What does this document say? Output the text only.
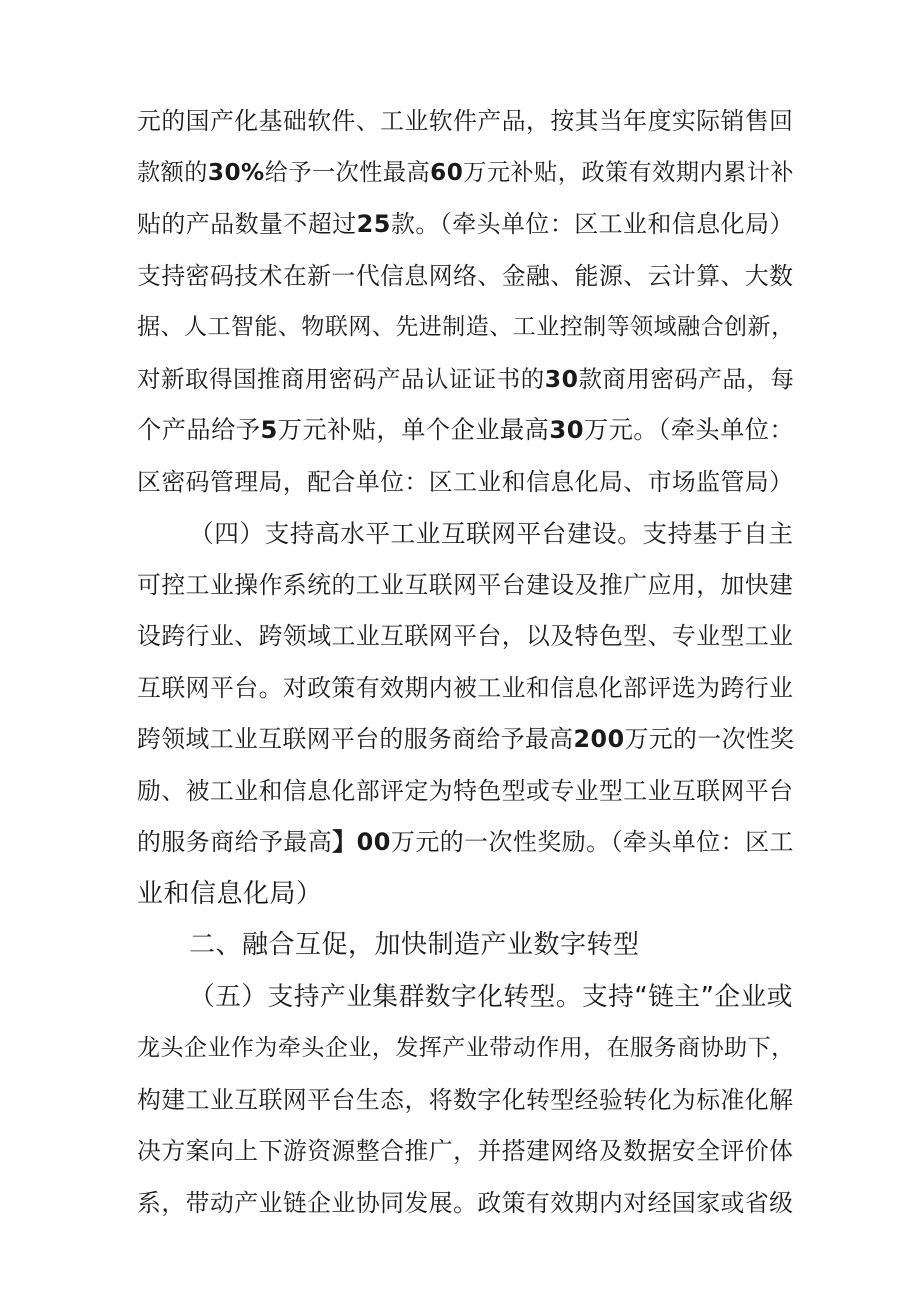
元的国产化基础软件、工业软件产品，按其当年度实际销售回
款额的30%给予一次性最高60万元补贴，政策有效期内累计补
贴的产品数量不超过25款。（牵头单位：区工业和信息化局）
支持密码技术在新一代信息网络、金融、能源、云计算、大数
据、人工智能、物联网、先进制造、工业控制等领域融合创新，
对新取得国推商用密码产品认证证书的30款商用密码产品，每
个产品给予5万元补贴，单个企业最高30万元。（牵头单位：
区密码管理局，配合单位：区工业和信息化局、市场监管局）
（四）支持高水平工业互联网平台建设。支持基于自主
可控工业操作系统的工业互联网平台建设及推广应用，加快建
设跨行业、跨领域工业互联网平台，以及特色型、专业型工业
互联网平台。对政策有效期内被工业和信息化部评选为跨行业
跨领域工业互联网平台的服务商给予最高200万元的一次性奖
励、被工业和信息化部评定为特色型或专业型工业互联网平台
的服务商给予最高】00万元的一次性奖励。（牵头单位：区工
业和信息化局）
二、融合互促，加快制造产业数字转型
（五）支持产业集群数字化转型。支持“链主”企业或
龙头企业作为牵头企业，发挥产业带动作用，在服务商协助下，
构建工业互联网平台生态，将数字化转型经验转化为标准化解
决方案向上下游资源整合推广，并搭建网络及数据安全评价体
系，带动产业链企业协同发展。政策有效期内对经国家或省级
